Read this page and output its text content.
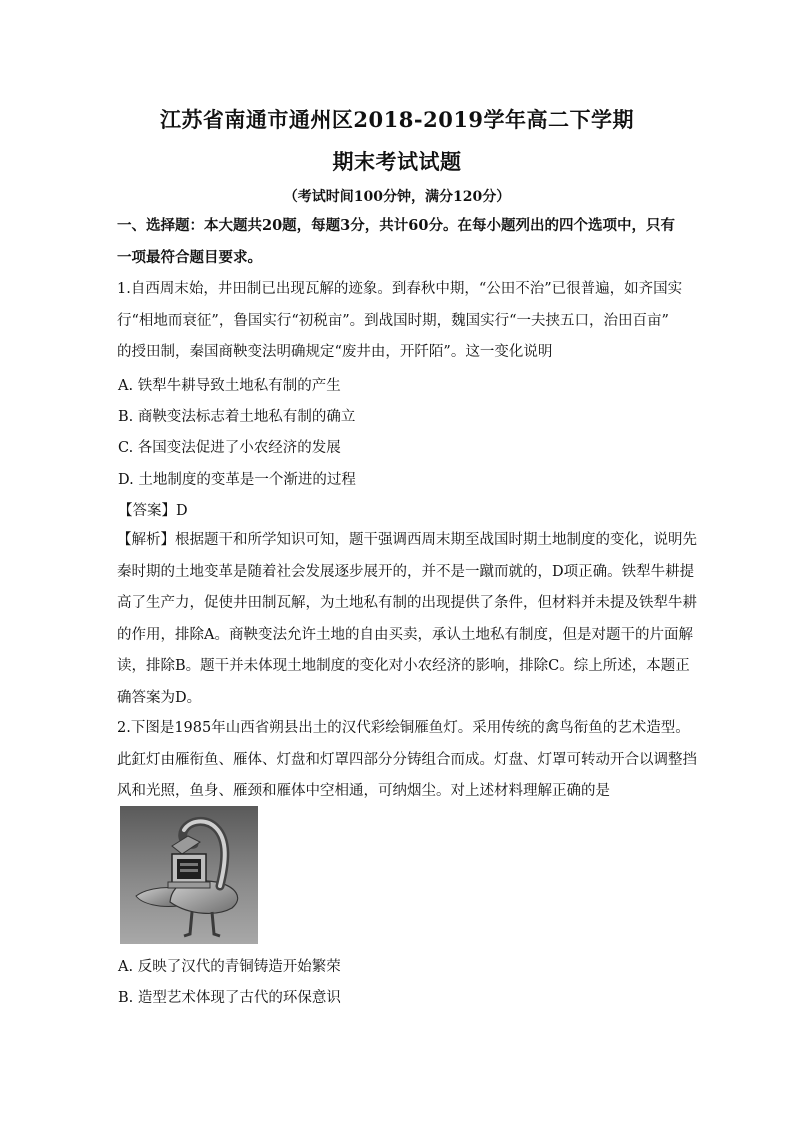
江苏省南通市通州区2018-2019学年高二下学期
期末考试试题
（考试时间100分钟，满分120分）
一、选择题：本大题共20题，每题3分，共计60分。在每小题列出的四个选项中，只有
一项最符合题目要求。
1.自西周末始，井田制已出现瓦解的迹象。到春秋中期，“公田不治”已很普遍，如齐国实
行“相地而衰征”，鲁国实行“初税亩”。到战国时期，魏国实行“一夫挟五口，治田百亩”
的授田制，秦国商鞅变法明确规定“废井由，开阡陌”。这一变化说明
A. 铁犁牛耕导致土地私有制的产生
B. 商鞅变法标志着土地私有制的确立
C. 各国变法促进了小农经济的发展
D. 土地制度的变革是一个渐进的过程
【答案】D
【解析】根据题干和所学知识可知，题干强调西周末期至战国时期土地制度的变化，说明先
秦时期的土地变革是随着社会发展逐步展开的，并不是一蹴而就的，D项正确。铁犁牛耕提
高了生产力，促使井田制瓦解，为土地私有制的出现提供了条件，但材料并未提及铁犁牛耕
的作用，排除A。商鞅变法允许土地的自由买卖，承认土地私有制度，但是对题干的片面解
读，排除B。题干并未体现土地制度的变化对小农经济的影响，排除C。综上所述，本题正
确答案为D。
2.下图是1985年山西省朔县出土的汉代彩绘铜雁鱼灯。采用传统的禽鸟衔鱼的艺术造型。
此釭灯由雁衔鱼、雁体、灯盘和灯罩四部分分铸组合而成。灯盘、灯罩可转动开合以调整挡
风和光照，鱼身、雁颈和雁体中空相通，可纳烟尘。对上述材料理解正确的是
A. 反映了汉代的青铜铸造开始繁荣
B. 造型艺术体现了古代的环保意识
